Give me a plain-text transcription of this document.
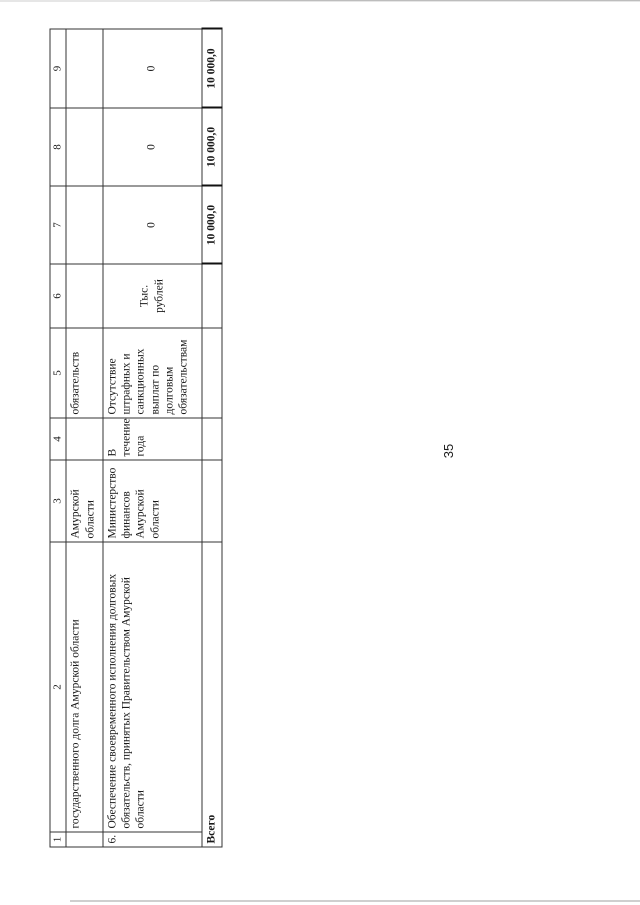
35
1	2	3	4	5	6	7	8	9
	государственного долга Амурской области	Амурской области		обязательств				
6.	Обеспечение своевременного исполнения долговых обязательств, принятых Правительством Амурской области	Министерство финансов Амурской области	В течение года	Отсутствие штрафных и санкционных выплат по долговым обязательствам	Тыс. рублей	0	0	0
Всего						10 000,0	10 000,0	10 000,0
